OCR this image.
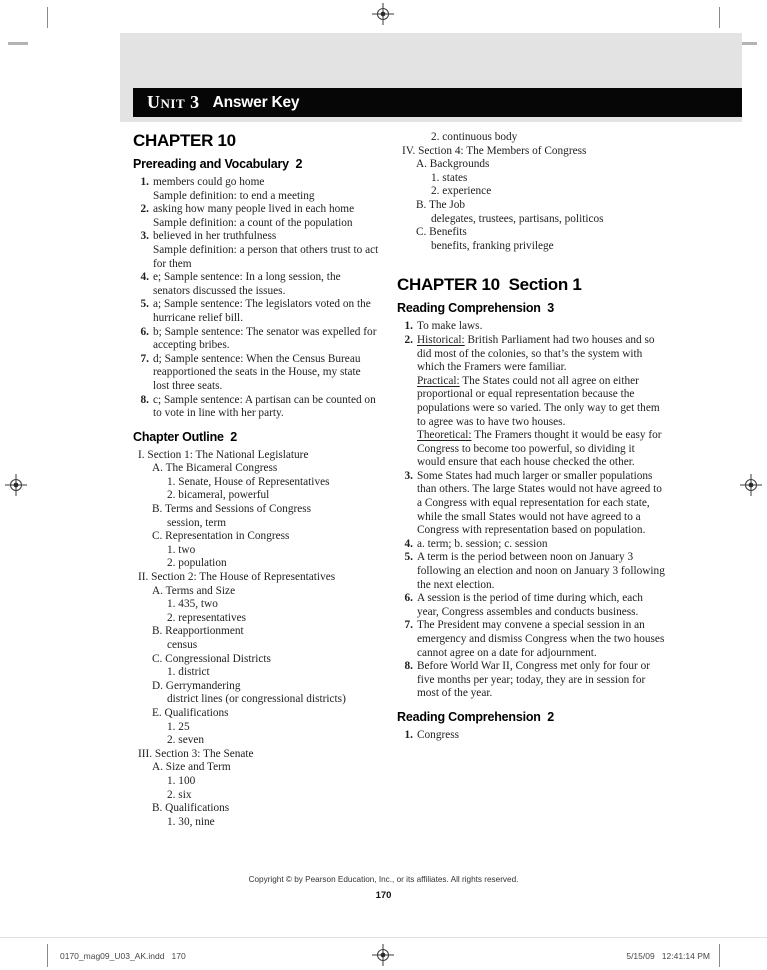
Unit 3 Answer Key
CHAPTER 10
Prereading and Vocabulary  2
1. members could go home
Sample definition: to end a meeting
2. asking how many people lived in each home
Sample definition: a count of the population
3. believed in her truthfulness
Sample definition: a person that others trust to act for them
4. e; Sample sentence: In a long session, the senators discussed the issues.
5. a; Sample sentence: The legislators voted on the hurricane relief bill.
6. b; Sample sentence: The senator was expelled for accepting bribes.
7. d; Sample sentence: When the Census Bureau reapportioned the seats in the House, my state lost three seats.
8. c; Sample sentence: A partisan can be counted on to vote in line with her party.
Chapter Outline  2
I. Section 1: The National Legislature
A. The Bicameral Congress
1. Senate, House of Representatives
2. bicameral, powerful
B. Terms and Sessions of Congress
session, term
C. Representation in Congress
1. two
2. population
II. Section 2: The House of Representatives
A. Terms and Size
1. 435, two
2. representatives
B. Reapportionment
census
C. Congressional Districts
1. district
D. Gerrymandering
district lines (or congressional districts)
E. Qualifications
1. 25
2. seven
III. Section 3: The Senate
A. Size and Term
1. 100
2. six
B. Qualifications
1. 30, nine
2. continuous body
IV. Section 4: The Members of Congress
A. Backgrounds
1. states
2. experience
B. The Job
delegates, trustees, partisans, politicos
C. Benefits
benefits, franking privilege
CHAPTER 10  Section 1
Reading Comprehension  3
1. To make laws.
2. Historical: British Parliament had two houses and so did most of the colonies, so that’s the system with which the Framers were familiar.
Practical: The States could not all agree on either proportional or equal representation because the populations were so varied. The only way to get them to agree was to have two houses.
Theoretical: The Framers thought it would be easy for Congress to become too powerful, so dividing it would ensure that each house checked the other.
3. Some States had much larger or smaller populations than others. The large States would not have agreed to a Congress with equal representation for each state, while the small States would not have agreed to a Congress with representation based on population.
4. a. term; b. session; c. session
5. A term is the period between noon on January 3 following an election and noon on January 3 following the next election.
6. A session is the period of time during which, each year, Congress assembles and conducts business.
7. The President may convene a special session in an emergency and dismiss Congress when the two houses cannot agree on a date for adjournment.
8. Before World War II, Congress met only for four or five months per year; today, they are in session for most of the year.
Reading Comprehension  2
1. Congress
Copyright © by Pearson Education, Inc., or its affiliates. All rights reserved.
170
0170_mag09_U03_AK.indd   170	5/15/09   12:41:14 PM
